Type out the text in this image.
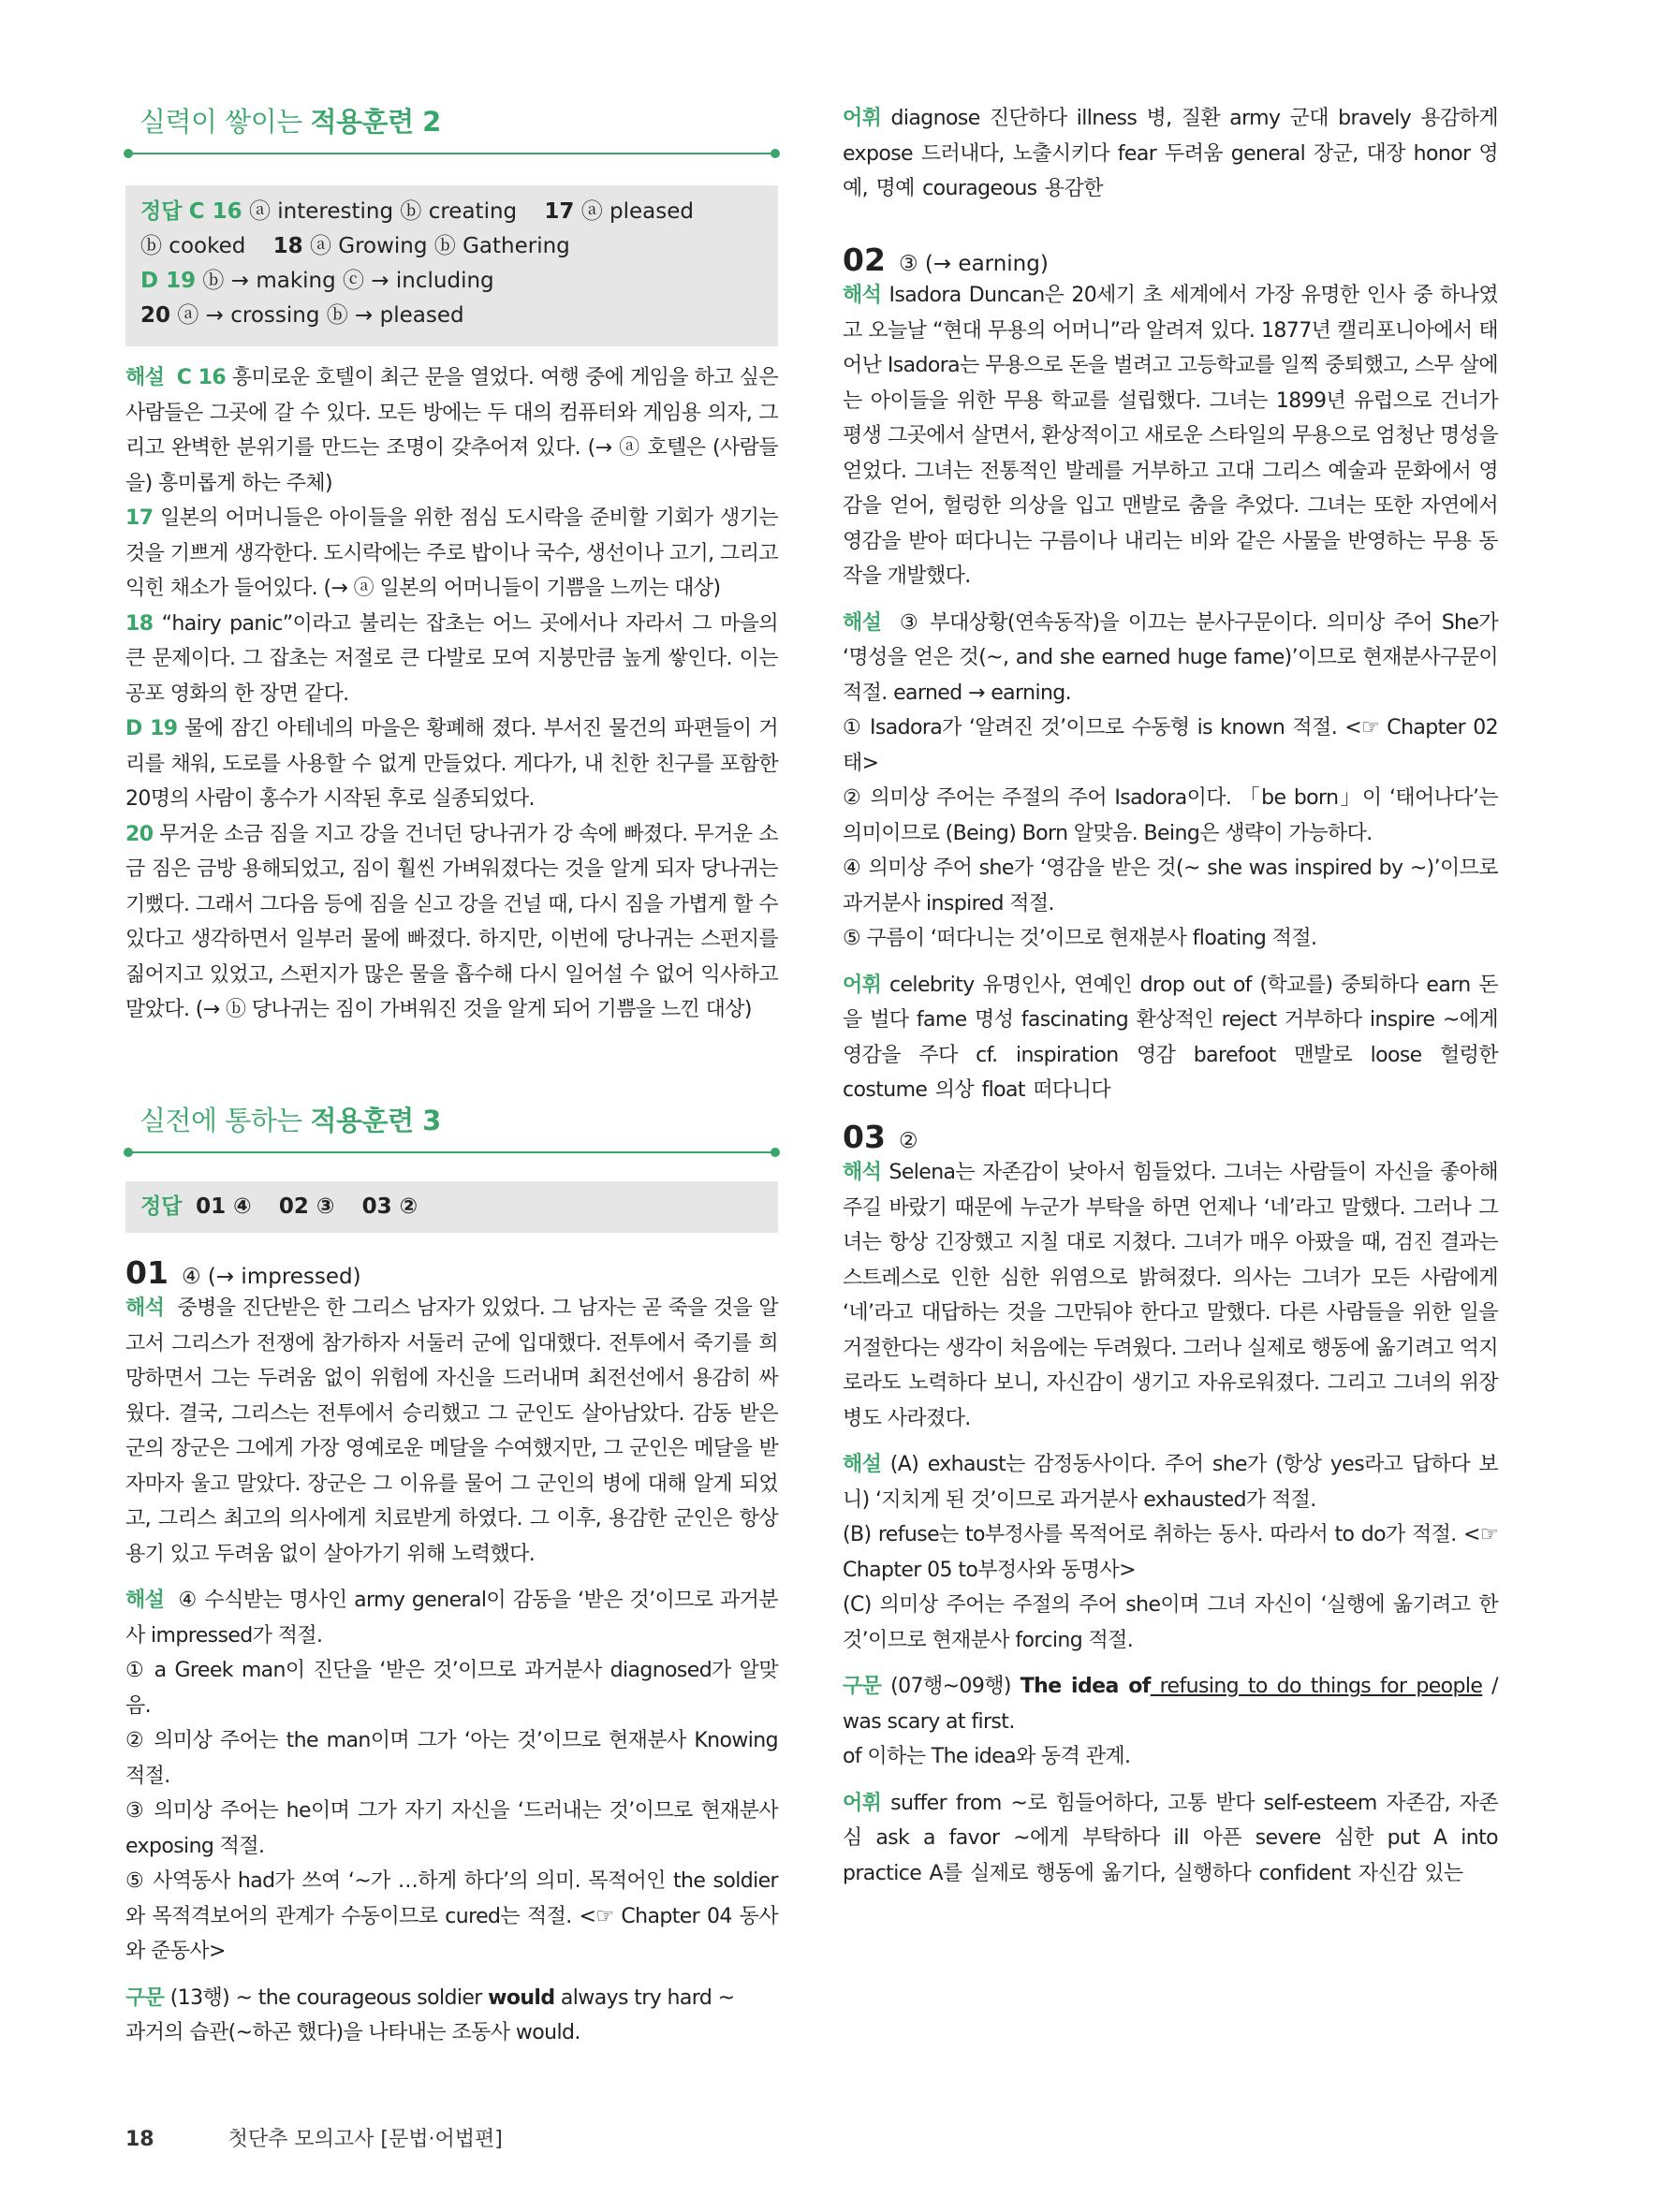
실력이 쌓이는 적용훈련 2
정답 C 16 ⓐ interesting ⓑ creating 17 ⓐ pleased
ⓑ cooked 18 ⓐ Growing ⓑ Gathering
D 19 ⓑ → making ⓒ → including
20 ⓐ → crossing ⓑ → pleased

해설 C 16 흥미로운 호텔이 최근 문을 열었다. 여행 중에 게임을 하고 싶은 사람들은 그곳에 갈 수 있다. 모든 방에는 두 대의 컴퓨터와 게임용 의자, 그리고 완벽한 분위기를 만드는 조명이 갖추어져 있다. (→ ⓐ 호텔은 (사람들을) 흥미롭게 하는 주체)

17 일본의 어머니들은 아이들을 위한 점심 도시락을 준비할 기회가 생기는 것을 기쁘게 생각한다. 도시락에는 주로 밥이나 국수, 생선이나 고기, 그리고 익힌 채소가 들어있다. (→ ⓐ 일본의 어머니들이 기쁨을 느끼는 대상)

18 “hairy panic”이라고 불리는 잡초는 어느 곳에서나 자라서 그 마을의 큰 문제이다. 그 잡초는 저절로 큰 다발로 모여 지붕만큼 높게 쌓인다. 이는 공포 영화의 한 장면 같다.

D 19 물에 잠긴 아테네의 마을은 황폐해 졌다. 부서진 물건의 파편들이 거리를 채워, 도로를 사용할 수 없게 만들었다. 게다가, 내 친한 친구를 포함한 20명의 사람이 홍수가 시작된 후로 실종되었다.

20 무거운 소금 짐을 지고 강을 건너던 당나귀가 강 속에 빠졌다. 무거운 소금 짐은 금방 용해되었고, 짐이 훨씬 가벼워졌다는 것을 알게 되자 당나귀는 기뻤다. 그래서 그다음 등에 짐을 싣고 강을 건널 때, 다시 짐을 가볍게 할 수 있다고 생각하면서 일부러 물에 빠졌다. 하지만, 이번에 당나귀는 스펀지를 짊어지고 있었고, 스펀지가 많은 물을 흡수해 다시 일어설 수 없어 익사하고 말았다. (→ ⓑ 당나귀는 짐이 가벼워진 것을 알게 되어 기쁨을 느낀 대상)

실전에 통하는 적용훈련 3
정답 01 ④ 02 ③ 03 ②
01 ④ (→ impressed)

해석 중병을 진단받은 한 그리스 남자가 있었다. 그 남자는 곧 죽을 것을 알고서 그리스가 전쟁에 참가하자 서둘러 군에 입대했다. 전투에서 죽기를 희망하면서 그는 두려움 없이 위험에 자신을 드러내며 최전선에서 용감히 싸웠다. 결국, 그리스는 전투에서 승리했고 그 군인도 살아남았다. 감동 받은 군의 장군은 그에게 가장 영예로운 메달을 수여했지만, 그 군인은 메달을 받자마자 울고 말았다. 장군은 그 이유를 물어 그 군인의 병에 대해 알게 되었고, 그리스 최고의 의사에게 치료받게 하였다. 그 이후, 용감한 군인은 항상 용기 있고 두려움 없이 살아가기 위해 노력했다.

해설 ④ 수식받는 명사인 army general이 감동을 ‘받은 것’이므로 과거분사 impressed가 적절.

① a Greek man이 진단을 ‘받은 것’이므로 과거분사 diagnosed가 알맞음.

② 의미상 주어는 the man이며 그가 ‘아는 것’이므로 현재분사 Knowing 적절.

③ 의미상 주어는 he이며 그가 자기 자신을 ‘드러내는 것’이므로 현재분사 exposing 적절.

⑤ 사역동사 had가 쓰여 ‘~가 …하게 하다’의 의미. 목적어인 the soldier와 목적격보어의 관계가 수동이므로 cured는 적절. <☞ Chapter 04 동사와 준동사>

구문 (13행) ~ the courageous soldier would always try hard ~

과거의 습관(~하곤 했다)을 나타내는 조동사 would.

어휘 diagnose 진단하다 illness 병, 질환 army 군대 bravely 용감하게 expose 드러내다, 노출시키다 fear 두려움 general 장군, 대장 honor 영예, 명예 courageous 용감한

02 ③ (→ earning)

해석 Isadora Duncan은 20세기 초 세계에서 가장 유명한 인사 중 하나였고 오늘날 “현대 무용의 어머니”라 알려져 있다. 1877년 캘리포니아에서 태어난 Isadora는 무용으로 돈을 벌려고 고등학교를 일찍 중퇴했고, 스무 살에는 아이들을 위한 무용 학교를 설립했다. 그녀는 1899년 유럽으로 건너가 평생 그곳에서 살면서, 환상적이고 새로운 스타일의 무용으로 엄청난 명성을 얻었다. 그녀는 전통적인 발레를 거부하고 고대 그리스 예술과 문화에서 영감을 얻어, 헐렁한 의상을 입고 맨발로 춤을 추었다. 그녀는 또한 자연에서 영감을 받아 떠다니는 구름이나 내리는 비와 같은 사물을 반영하는 무용 동작을 개발했다.

해설 ③ 부대상황(연속동작)을 이끄는 분사구문이다. 의미상 주어 She가 ‘명성을 얻은 것(~, and she earned huge fame)’이므로 현재분사구문이 적절. earned → earning.

① Isadora가 ‘알려진 것’이므로 수동형 is known 적절. <☞ Chapter 02 태>

② 의미상 주어는 주절의 주어 Isadora이다. 「be born」이 ‘태어나다’는 의미이므로 (Being) Born 알맞음. Being은 생략이 가능하다.

④ 의미상 주어 she가 ‘영감을 받은 것(~ she was inspired by ~)’이므로 과거분사 inspired 적절.

⑤ 구름이 ‘떠다니는 것’이므로 현재분사 floating 적절.

어휘 celebrity 유명인사, 연예인 drop out of (학교를) 중퇴하다 earn 돈을 벌다 fame 명성 fascinating 환상적인 reject 거부하다 inspire ~에게 영감을 주다 cf. inspiration 영감 barefoot 맨발로 loose 헐렁한 costume 의상 float 떠다니다

03 ②

해석 Selena는 자존감이 낮아서 힘들었다. 그녀는 사람들이 자신을 좋아해 주길 바랐기 때문에 누군가 부탁을 하면 언제나 ‘네’라고 말했다. 그러나 그녀는 항상 긴장했고 지칠 대로 지쳤다. 그녀가 매우 아팠을 때, 검진 결과는 스트레스로 인한 심한 위염으로 밝혀졌다. 의사는 그녀가 모든 사람에게 ‘네’라고 대답하는 것을 그만둬야 한다고 말했다. 다른 사람들을 위한 일을 거절한다는 생각이 처음에는 두려웠다. 그러나 실제로 행동에 옮기려고 억지로라도 노력하다 보니, 자신감이 생기고 자유로워졌다. 그리고 그녀의 위장병도 사라졌다.

해설 (A) exhaust는 감정동사이다. 주어 she가 (항상 yes라고 답하다 보니) ‘지치게 된 것’이므로 과거분사 exhausted가 적절.

(B) refuse는 to부정사를 목적어로 취하는 동사. 따라서 to do가 적절. <☞ Chapter 05 to부정사와 동명사>

(C) 의미상 주어는 주절의 주어 she이며 그녀 자신이 ‘실행에 옮기려고 한 것’이므로 현재분사 forcing 적절.

구문 (07행~09행) The idea of refusing to do things for people / was scary at first.

of 이하는 The idea와 동격 관계.

어휘 suffer from ~로 힘들어하다, 고통 받다 self-esteem 자존감, 자존심 ask a favor ~에게 부탁하다 ill 아픈 severe 심한 put A into practice A를 실제로 행동에 옮기다, 실행하다 confident 자신감 있는

18	첫단추 모의고사 [문법·어법편]
